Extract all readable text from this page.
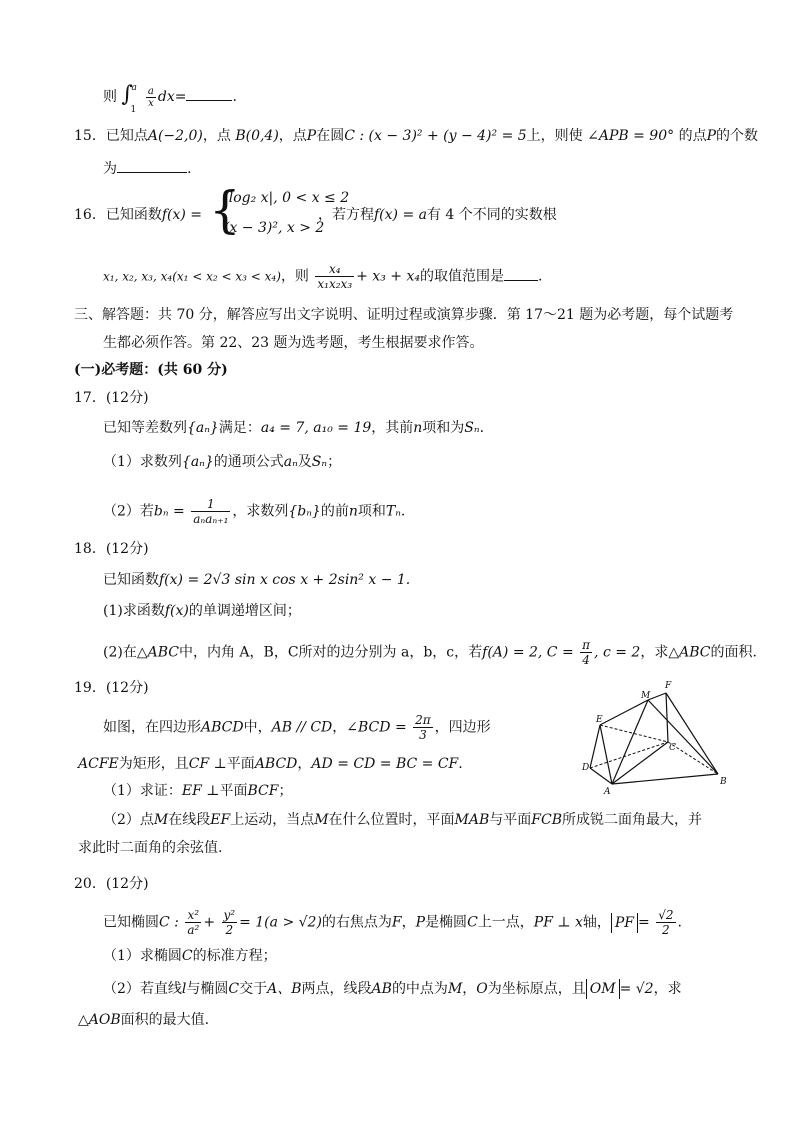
则 ∫
a
1

$\frac{a}{x} dx=$	.
15．已知点A(−2,0)，点 B(0,4)，点P在圆C : (x − 3)² + (y − 4)² = 5上，则使 ∠APB = 90° 的点P的个数
为	.
16．已知函数f(x) = {
|log₂ x|, 0 < x ≤ 2
(x − 3)², x > 2
，若方程f(x) = a有 4 个不同的实数根
x₁, x₂, x₃, x₄(x₁ < x₂ < x₃ < x₄)，则 $\frac{\text{x₄}}{\text{x₁x₂x₃}} + x_3 + x_4$的取值范围是 .
三、解答题：共 70 分，解答应写出文字说明、证明过程或演算步骤．第 17～21 题为必考题，每个试题考
生都必须作答。第 22、23 题为选考题，考生根据要求作答。
(一)必考题：(共 60 分)
17．(12分)
已知等差数列{aₙ}满足：a₄ = 7, a₁₀ = 19，其前n项和为Sₙ.
（1）求数列{aₙ}的通项公式aₙ及Sₙ；
（2）若$b_n = \frac{1}{\text{aₙaₙ₊₁}}$ ，求数列{bₙ}的前n项和Tₙ.
18．(12分)
已知函数f(x) = 2√3 sin x cos x + 2sin² x − 1.
(1)求函数f(x)的单调递增区间；
(2)在△ABC中，内角 A，B，C所对的边分别为 a，b，c，若f(A) = 2, $C = \frac{\pi}{4}$ , c = 2，求△ABC的面积.
19．(12分)
如图，在四边形ABCD中，AB // CD，∠BCD = $\frac{2\pi}{3}$ ，四边形
ACFE为矩形，且CF ⊥平面ABCD，AD = CD = BC = CF.
（1）求证：EF ⊥平面BCF；
（2）点M在线段EF上运动，当点M在什么位置时，平面MAB与平面FCB所成锐二面角最大，并
求此时二面角的余弦值.
M
F
E
C
D
B
A
20．(12分)
已知椭圆C : $\frac{\text{x²}}{\text{a²}} + \frac{\text{y²}}{2} = 1(a > √2)$的右焦点为F，P是椭圆C上一点，PF ⊥ x轴， PF = $\frac{√2}{2}$ .
（1）求椭圆C的标准方程；
（2）若直线l与椭圆C交于A、B两点，线段AB的中点为M，O为坐标原点，且 OM = √2，求
△AOB面积的最大值.
